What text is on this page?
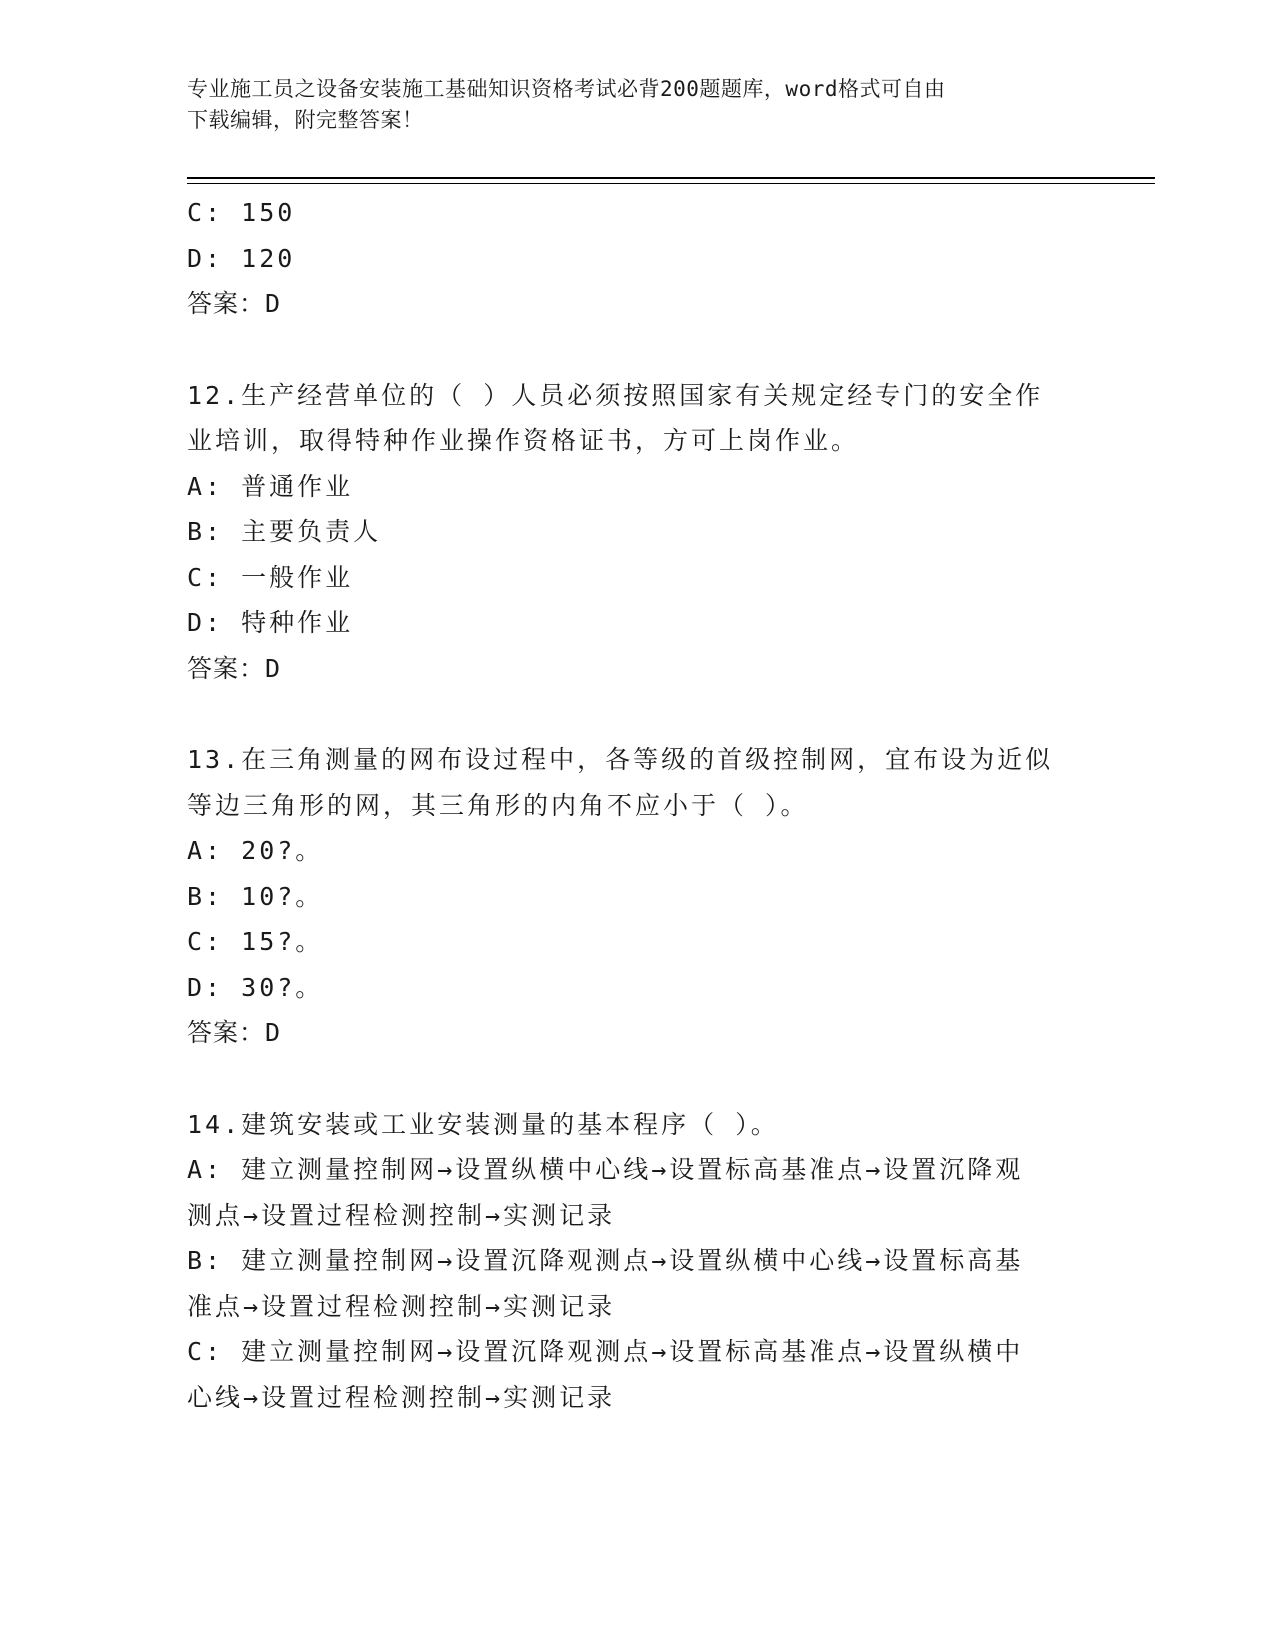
专业施工员之设备安装施工基础知识资格考试必背200题题库，word格式可自由
下载编辑，附完整答案！
C: 150
D: 120
答案：D
12.生产经营单位的（ ）人员必须按照国家有关规定经专门的安全作
业培训，取得特种作业操作资格证书，方可上岗作业。
A: 普通作业
B: 主要负责人
C: 一般作业
D: 特种作业
答案：D
13.在三角测量的网布设过程中，各等级的首级控制网，宜布设为近似
等边三角形的网，其三角形的内角不应小于（ ）。
A: 20?。
B: 10?。
C: 15?。
D: 30?。
答案：D
14.建筑安装或工业安装测量的基本程序（ ）。
A: 建立测量控制网→设置纵横中心线→设置标高基准点→设置沉降观
测点→设置过程检测控制→实测记录
B: 建立测量控制网→设置沉降观测点→设置纵横中心线→设置标高基
准点→设置过程检测控制→实测记录
C: 建立测量控制网→设置沉降观测点→设置标高基准点→设置纵横中
心线→设置过程检测控制→实测记录
